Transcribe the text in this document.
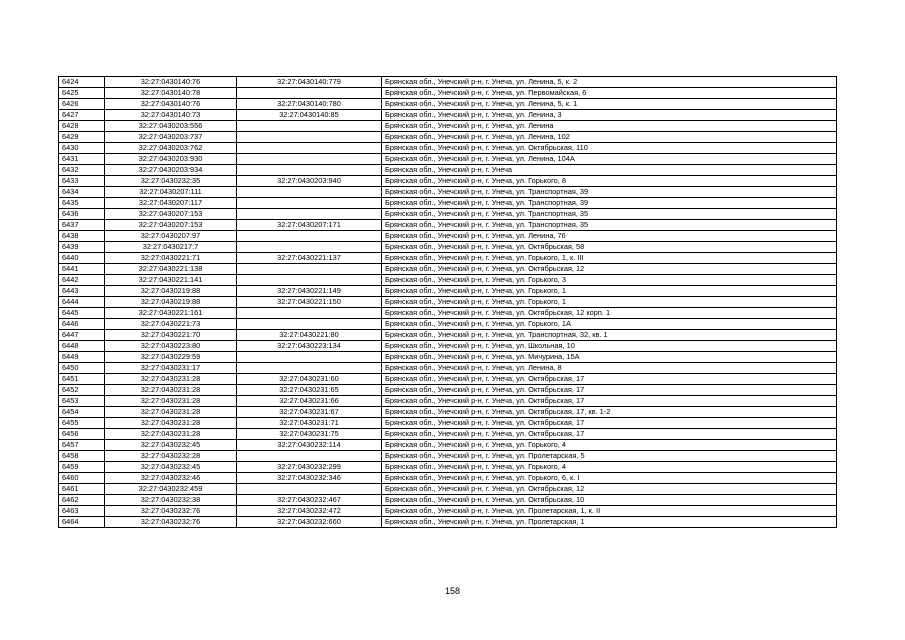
6424	32:27:0430140:76	32:27:0430140:779	Брянская обл., Унечский р-н, г. Унеча, ул. Ленина, 5, к. 2
6425	32:27:0430140:78		Брянская обл., Унечский р-н, г. Унеча, ул. Первомайская, 6
6426	32:27:0430140:76	32:27:0430140:780	Брянская обл., Унечский р-н, г. Унеча, ул. Ленина, 5, к. 1
6427	32:27:0430140:73	32:27:0430140:85	Брянская обл., Унечский р-н, г. Унеча, ул. Ленина, 3
6428	32:27:0430203:556		Брянская обл., Унечский р-н, г. Унеча, ул. Ленина
6429	32:27:0430203:737		Брянская обл., Унечский р-н, г. Унеча, ул. Ленина, 102
6430	32:27:0430203:762		Брянская обл., Унечский р-н, г. Унеча, ул. Октябрьская, 110
6431	32:27:0430203:930		Брянская обл., Унечский р-н, г. Унеча, ул. Ленина, 104А
6432	32:27:0430203:934		Брянская обл., Унечский р-н, г. Унеча
6433	32:27:0430232:35	32:27:0430203:940	Брянская обл., Унечский р-н, г. Унеча, ул. Горького, 8
6434	32:27:0430207:111		Брянская обл., Унечский р-н, г. Унеча, ул. Транспортная, 39
6435	32:27:0430207:117		Брянская обл., Унечский р-н, г. Унеча, ул. Транспортная, 39
6436	32:27:0430207:153		Брянская обл., Унечский р-н, г. Унеча, ул. Транспортная, 35
6437	32:27:0430207:153	32:27:0430207:171	Брянская обл., Унечский р-н, г. Унеча, ул. Транспортная, 35
6438	32:27:0430207:97		Брянская обл., Унечский р-н, г. Унеча, ул. Ленина, 76
6439	32:27:0430217:7		Брянская обл., Унечский р-н, г. Унеча, ул. Октябрьская, 58
6440	32:27:0430221:71	32:27:0430221:137	Брянская обл., Унечский р-н, г. Унеча, ул. Горького, 1, к. III
6441	32:27:0430221:138		Брянская обл., Унечский р-н, г. Унеча, ул. Октябрьская, 12
6442	32:27:0430221:141		Брянская обл., Унечский р-н, г. Унеча, ул. Горького, 3
6443	32:27:0430219:88	32:27:0430221:149	Брянская обл., Унечский р-н, г. Унеча, ул. Горького, 1
6444	32:27:0430219:88	32:27:0430221:150	Брянская обл., Унечский р-н, г. Унеча, ул. Горького, 1
6445	32:27:0430221:161		Брянская обл., Унечский р-н, г. Унеча, ул. Октябрьская, 12 корп. 1
6446	32:27:0430221:73		Брянская обл., Унечский р-н, г. Унеча, ул. Горького, 1А
6447	32:27:0430221:70	32:27:0430221:80	Брянская обл., Унечский р-н, г. Унеча, ул. Транспортная, 32, кв. 1
6448	32:27:0430223:80	32:27:0430223:134	Брянская обл., Унечский р-н, г. Унеча, ул. Школьная, 10
6449	32:27:0430229:59		Брянская обл., Унечский р-н, г. Унеча, ул. Мичурина, 15А
6450	32:27:0430231:17		Брянская обл., Унечский р-н, г. Унеча, ул. Ленина, 8
6451	32:27:0430231:28	32:27:0430231:60	Брянская обл., Унечский р-н, г. Унеча, ул. Октябрьская, 17
6452	32:27:0430231:28	32:27:0430231:65	Брянская обл., Унечский р-н, г. Унеча, ул. Октябрьская, 17
6453	32:27:0430231:28	32:27:0430231:66	Брянская обл., Унечский р-н, г. Унеча, ул. Октябрьская, 17
6454	32:27:0430231:28	32:27:0430231:67	Брянская обл., Унечский р-н, г. Унеча, ул. Октябрьская, 17, кв. 1-2
6455	32:27:0430231:28	32:27:0430231:71	Брянская обл., Унечский р-н, г. Унеча, ул. Октябрьская, 17
6456	32:27:0430231:28	32:27:0430231:75	Брянская обл., Унечский р-н, г. Унеча, ул. Октябрьская, 17
6457	32:27:0430232:45	32:27:0430232:114	Брянская обл., Унечский р-н, г. Унеча, ул. Горького, 4
6458	32:27:0430232:28		Брянская обл., Унечский р-н, г. Унеча, ул. Пролетарская, 5
6459	32:27:0430232:45	32:27:0430232:299	Брянская обл., Унечский р-н, г. Унеча, ул. Горького, 4
6460	32:27:0430232:46	32:27:0430232:346	Брянская обл., Унечский р-н, г. Унеча, ул. Горького, 6, к. I
6461	32:27:0430232:459		Брянская обл., Унечский р-н, г. Унеча, ул. Октябрьская, 12
6462	32:27:0430232:38	32:27:0430232:467	Брянская обл., Унечский р-н, г. Унеча, ул. Октябрьская, 10
6463	32:27:0430232:76	32:27:0430232:472	Брянская обл., Унечский р-н, г. Унеча, ул. Пролетарская, 1, к. II
6464	32:27:0430232:76	32:27:0430232:660	Брянская обл., Унечский р-н, г. Унеча, ул. Пролетарская, 1
158
